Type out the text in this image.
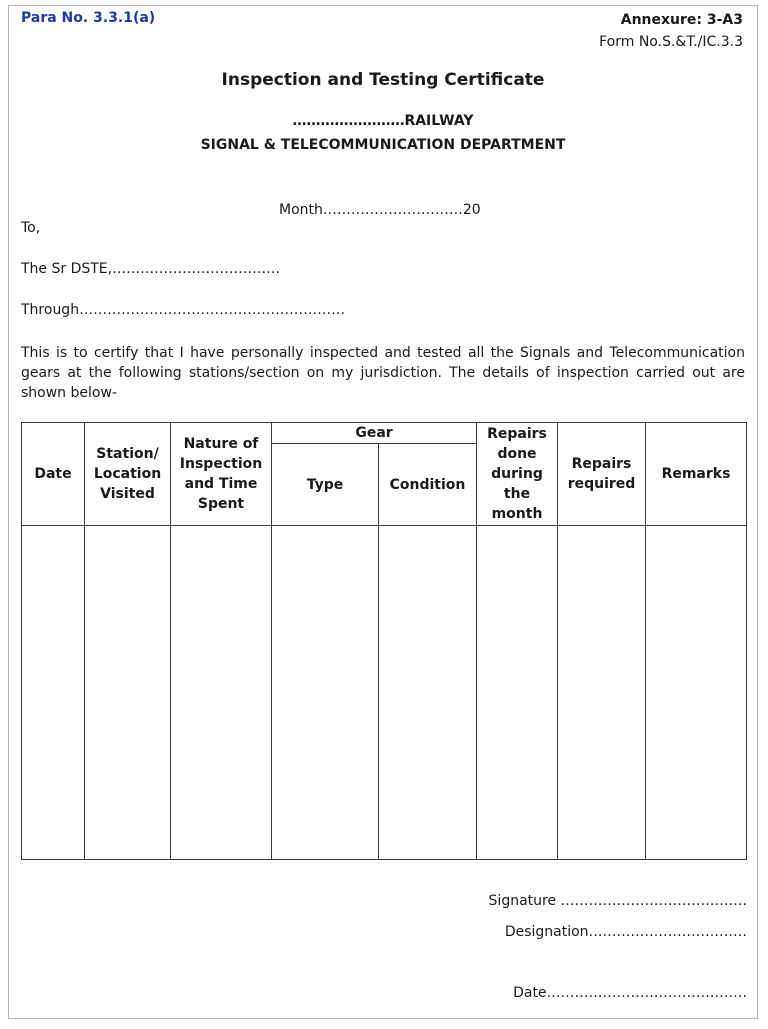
Para No. 3.3.1(a)	Annexure: 3-A3
Form No.S.&T./IC.3.3
Inspection and Testing Certificate
……………………RAILWAY
SIGNAL & TELECOMMUNICATION DEPARTMENT
Month…………………………20
To,
The Sr DSTE,………………………………
Through…………………………………………………
This is to certify that I have personally inspected and tested all the Signals and Telecommunication gears at the following stations/section on my jurisdiction. The details of inspection carried out are shown below-
Date	Station/ Location Visited	Nature of Inspection and Time Spent	Gear		Repairs done during the month	Repairs required	Remarks
			Type	Condition			

Signature ………………………………….
Designation……….……………………
Date…………………………………….
